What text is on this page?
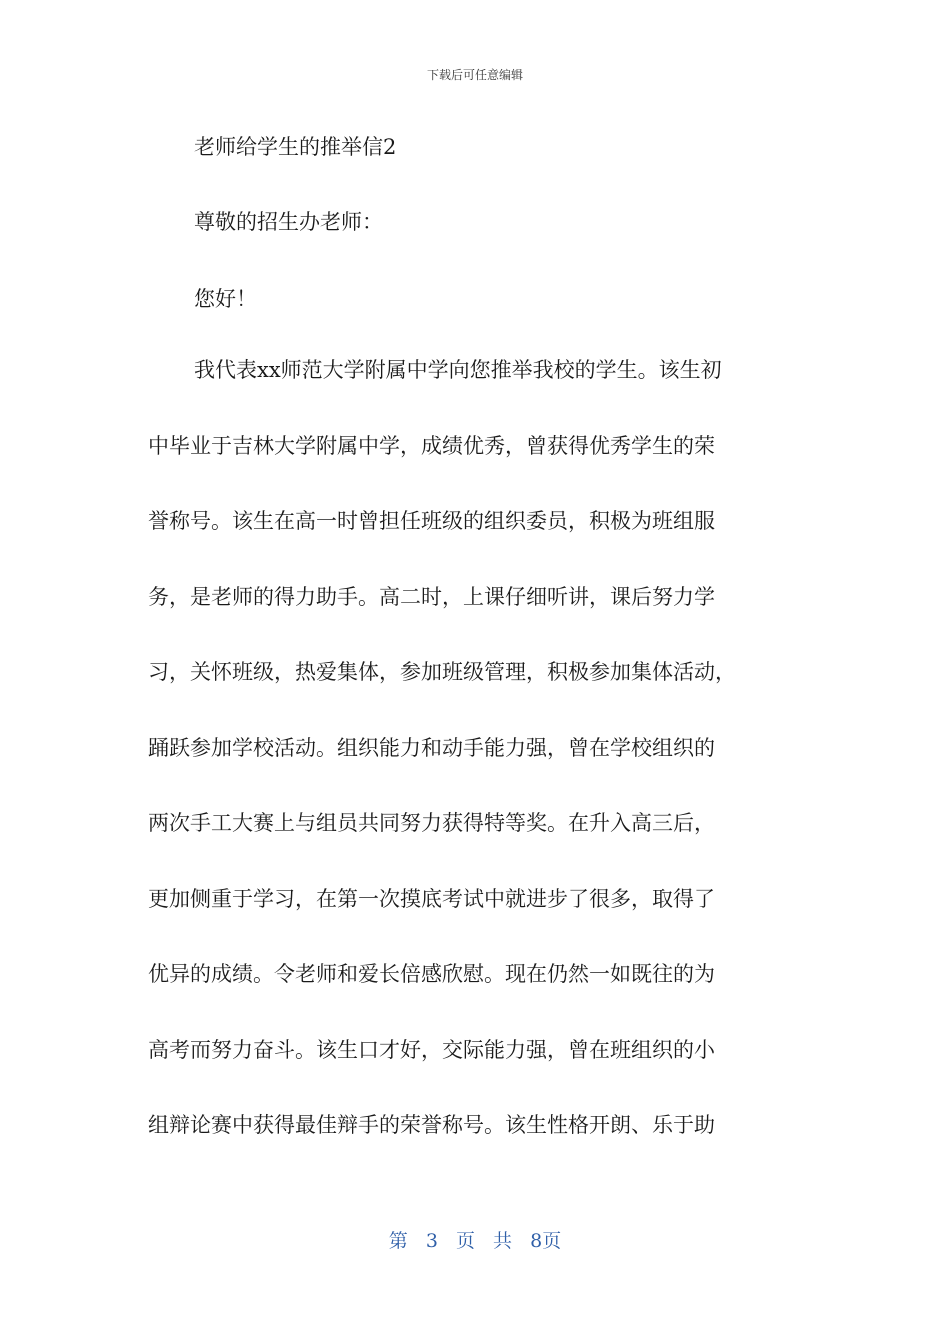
下载后可任意编辑

老师给学生的推举信2

尊敬的招生办老师：

您好！

我代表xx师范大学附属中学向您推举我校的学生。该生初
中毕业于吉林大学附属中学，成绩优秀，曾获得优秀学生的荣
誉称号。该生在高一时曾担任班级的组织委员，积极为班组服
务，是老师的得力助手。高二时，上课仔细听讲，课后努力学
习，关怀班级，热爱集体，参加班级管理，积极参加集体活动，
踊跃参加学校活动。组织能力和动手能力强，曾在学校组织的
两次手工大赛上与组员共同努力获得特等奖。在升入高三后，
更加侧重于学习，在第一次摸底考试中就进步了很多，取得了
优异的成绩。令老师和爱长倍感欣慰。现在仍然一如既往的为
高考而努力奋斗。该生口才好，交际能力强，曾在班组织的小
组辩论赛中获得最佳辩手的荣誉称号。该生性格开朗、乐于助
第 3 页 共 8页
